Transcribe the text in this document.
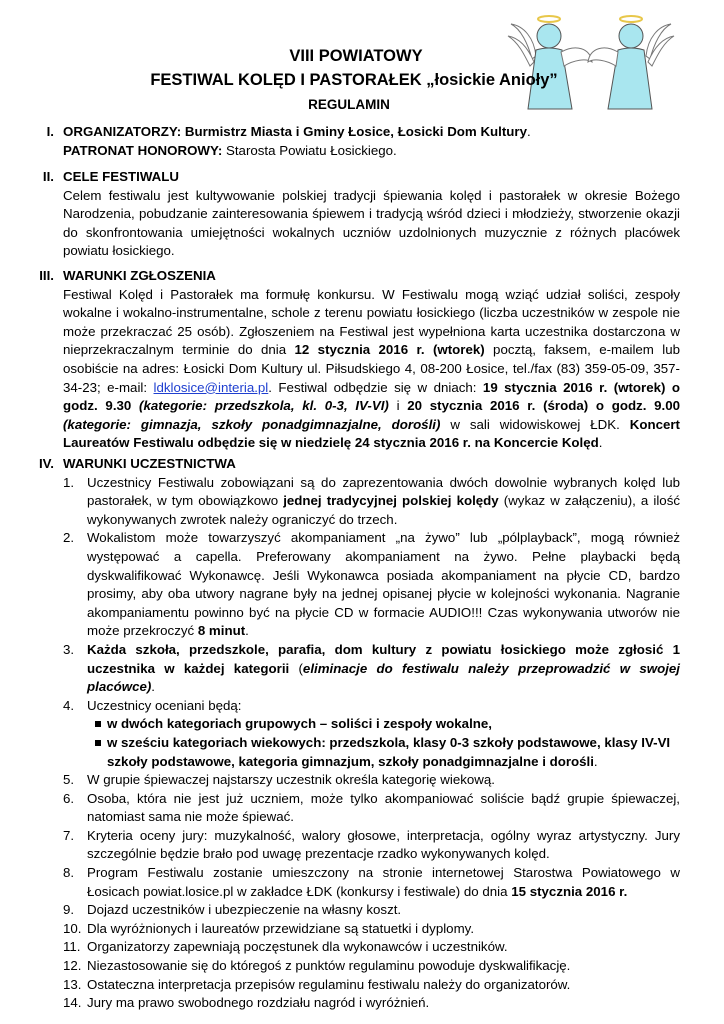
VIII POWIATOWY
FESTIWAL KOLĘD I PASTORAŁEK „łosickie Anioły”
REGULAMIN
I. ORGANIZATORZY: Burmistrz Miasta i Gminy Łosice, Łosicki Dom Kultury.
PATRONAT HONOROWY: Starosta Powiatu Łosickiego.
II. CELE FESTIWALU
Celem festiwalu jest kultywowanie polskiej tradycji śpiewania kolęd i pastorałek w okresie Bożego Narodzenia, pobudzanie zainteresowania śpiewem i tradycją wśród dzieci i młodzieży, stworzenie okazji do skonfrontowania umiejętności wokalnych uczniów uzdolnionych muzycznie z różnych placówek powiatu łosickiego.
III. WARUNKI ZGŁOSZENIA
Festiwal Kolęd i Pastorałek ma formułę konkursu. W Festiwalu mogą wziąć udział soliści, zespoły wokalne i wokalno-instrumentalne, schole z terenu powiatu łosickiego (liczba uczestników w zespole nie może przekraczać 25 osób). Zgłoszeniem na Festiwal jest wypełniona karta uczestnika dostarczona w nieprzekraczalnym terminie do dnia 12 stycznia 2016 r. (wtorek) pocztą, faksem, e-mailem lub osobiście na adres: Łosicki Dom Kultury ul. Piłsudskiego 4, 08-200 Łosice, tel./fax (83) 359-05-09, 357-34-23; e-mail: ldklosice@interia.pl. Festiwal odbędzie się w dniach: 19 stycznia 2016 r. (wtorek) o godz. 9.30 (kategorie: przedszkola, kl. 0-3, IV-VI) i 20 stycznia 2016 r. (środa) o godz. 9.00 (kategorie: gimnazja, szkoły ponadgimnazjalne, dorośli) w sali widowiskowej ŁDK. Koncert Laureatów Festiwalu odbędzie się w niedzielę 24 stycznia 2016 r. na Koncercie Kolęd.
IV. WARUNKI UCZESTNICTWA
1. Uczestnicy Festiwalu zobowiązani są do zaprezentowania dwóch dowolnie wybranych kolęd lub pastorałek, w tym obowiązkowo jednej tradycyjnej polskiej kolędy (wykaz w załączeniu), a ilość wykonywanych zwrotek należy ograniczyć do trzech.
2. Wokalistom może towarzyszyć akompaniament „na żywo” lub „pólplayback”, mogą również występować a capella. Preferowany akompaniament na żywo. Pełne playbacki będą dyskwalifikować Wykonawcę. Jeśli Wykonawca posiada akompaniament na płycie CD, bardzo prosimy, aby oba utwory nagrane były na jednej opisanej płycie w kolejności wykonania. Nagranie akompaniamentu powinno być na płycie CD w formacie AUDIO!!! Czas wykonywania utworów nie może przekroczyć 8 minut.
3. Każda szkoła, przedszkole, parafia, dom kultury z powiatu łosickiego może zgłosić 1 uczestnika w każdej kategorii (eliminacje do festiwalu należy przeprowadzić w swojej placówce).
4. Uczestnicy oceniani będą:
w dwóch kategoriach grupowych – soliści i zespoły wokalne,
w sześciu kategoriach wiekowych: przedszkola, klasy 0-3 szkoły podstawowe, klasy IV-VI szkoły podstawowe, kategoria gimnazjum, szkoły ponadgimnazjalne i dorośli.
5. W grupie śpiewaczej najstarszy uczestnik określa kategorię wiekową.
6. Osoba, która nie jest już uczniem, może tylko akompaniować soliście bądź grupie śpiewaczej, natomiast sama nie może śpiewać.
7. Kryteria oceny jury: muzykalność, walory głosowe, interpretacja, ogólny wyraz artystyczny. Jury szczególnie będzie brało pod uwagę prezentacje rzadko wykonywanych kolęd.
8. Program Festiwalu zostanie umieszczony na stronie internetowej Starostwa Powiatowego w Łosicach powiat.losice.pl w zakładce ŁDK (konkursy i festiwale) do dnia 15 stycznia 2016 r.
9. Dojazd uczestników i ubezpieczenie na własny koszt.
10. Dla wyróżnionych i laureatów przewidziane są statuetki i dyplomy.
11. Organizatorzy zapewniają poczęstunek dla wykonawców i uczestników.
12. Niezastosowanie się do któregoś z punktów regulaminu powoduje dyskwalifikację.
13. Ostateczna interpretacja przepisów regulaminu festiwalu należy do organizatorów.
14. Jury ma prawo swobodnego rozdziału nagród i wyróżnień.
